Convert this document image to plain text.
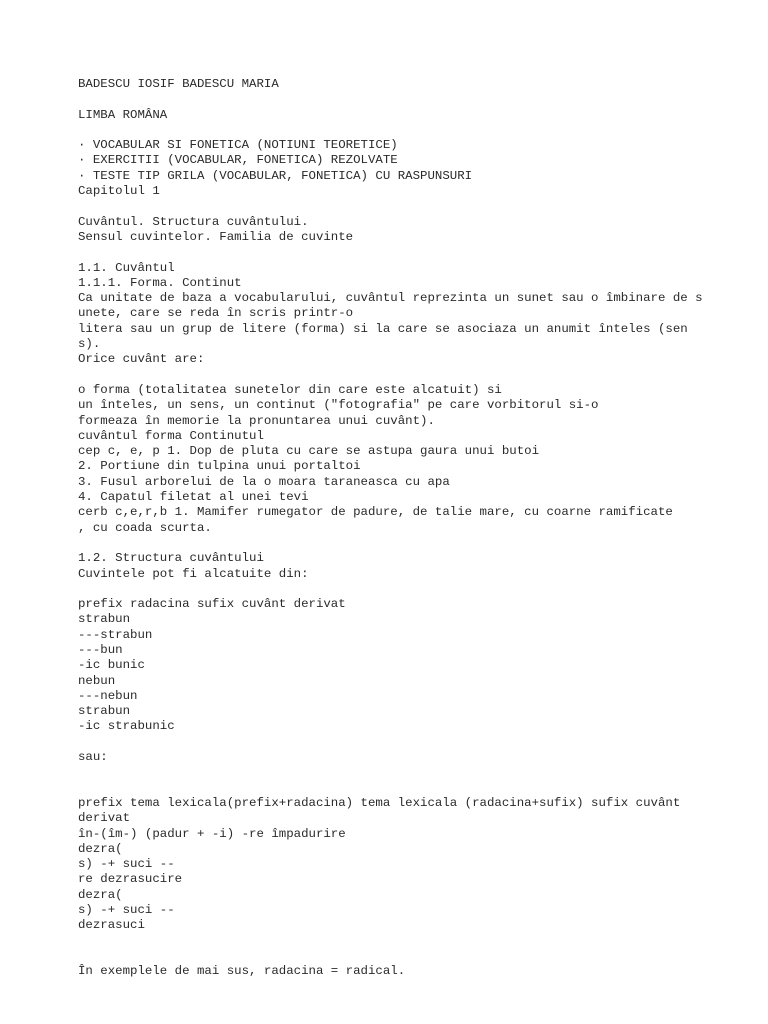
BADESCU IOSIF BADESCU MARIA
LIMBA ROMÂNA
· VOCABULAR SI FONETICA (NOTIUNI TEORETICE)
· EXERCITII (VOCABULAR, FONETICA) REZOLVATE
· TESTE TIP GRILA (VOCABULAR, FONETICA) CU RASPUNSURI
Capitolul 1
Cuvântul. Structura cuvântului.
Sensul cuvintelor. Familia de cuvinte
1.1. Cuvântul
1.1.1. Forma. Continut
Ca unitate de baza a vocabularului, cuvântul reprezinta un sunet sau o îmbinare de s
unete, care se reda în scris printr-o
litera sau un grup de litere (forma) si la care se asociaza un anumit înteles (sen
s).
Orice cuvânt are:
o forma (totalitatea sunetelor din care este alcatuit) si
un înteles, un sens, un continut ("fotografia" pe care vorbitorul si-o
formeaza în memorie la pronuntarea unui cuvânt).
cuvântul forma Continutul
cep c, e, p 1. Dop de pluta cu care se astupa gaura unui butoi
2. Portiune din tulpina unui portaltoi
3. Fusul arborelui de la o moara taraneasca cu apa
4. Capatul filetat al unei tevi
cerb c,e,r,b 1. Mamifer rumegator de padure, de talie mare, cu coarne ramificate
, cu coada scurta.
1.2. Structura cuvântului
Cuvintele pot fi alcatuite din:
prefix radacina sufix cuvânt derivat
strabun
---strabun
---bun
-ic bunic
nebun
---nebun
strabun
-ic strabunic
sau:
prefix tema lexicala(prefix+radacina) tema lexicala (radacina+sufix) sufix cuvânt
derivat
în-(îm-) (padur + -i) -re împadurire
dezra(
s) -+ suci --
re dezrasucire
dezra(
s) -+ suci --
dezrasuci
În exemplele de mai sus, radacina = radical.
